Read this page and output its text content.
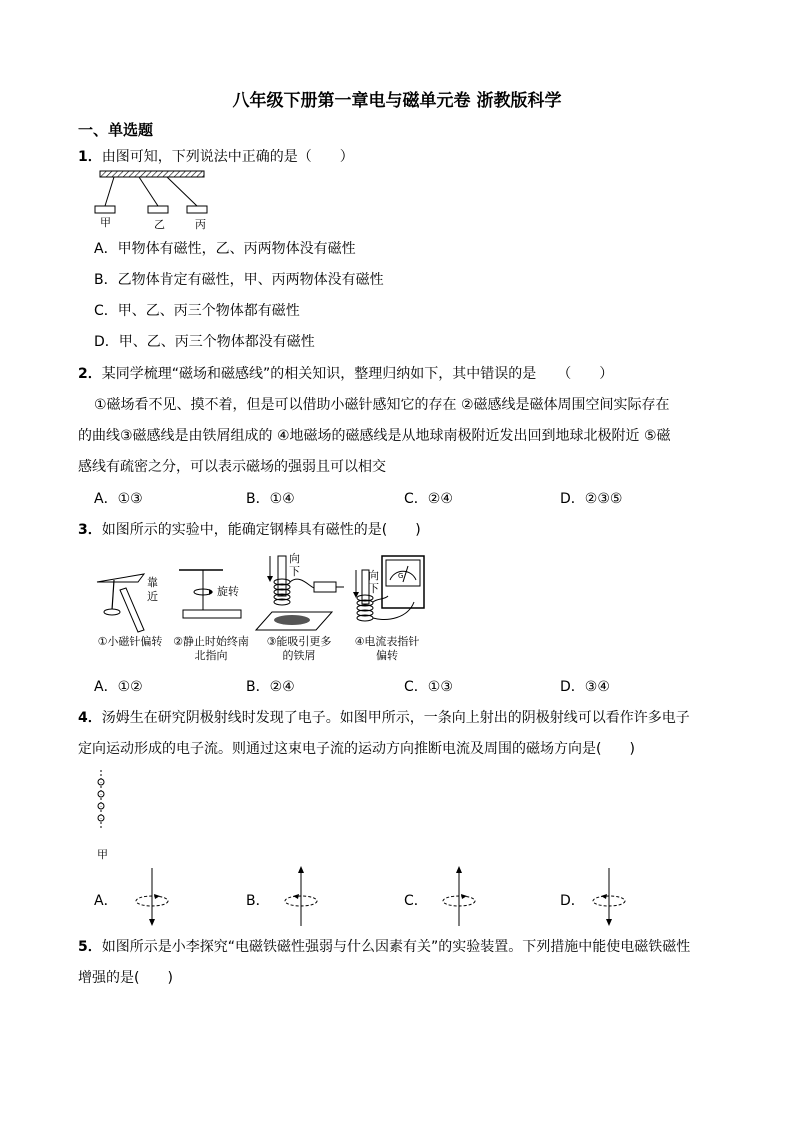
八年级下册第一章电与磁单元卷 浙教版科学
一、单选题
1．由图可知，下列说法中正确的是（　　）
甲	乙	丙
A．甲物体有磁性，乙、丙两物体没有磁性
B．乙物体肯定有磁性，甲、丙两物体没有磁性
C．甲、乙、丙三个物体都有磁性
D．甲、乙、丙三个物体都没有磁性
2．某同学梳理“磁场和磁感线”的相关知识，整理归纳如下，其中错误的是　　（　　）
①磁场看不见、摸不着，但是可以借助小磁针感知它的存在 ②磁感线是磁体周围空间实际存在
的曲线③磁感线是由铁屑组成的 ④地磁场的磁感线是从地球南极附近发出回到地球北极附近 ⑤磁
感线有疏密之分，可以表示磁场的强弱且可以相交
A．①③	B．①④	C．②④	D．②③⑤
3．如图所示的实验中，能确定钢棒具有磁性的是(　　)
靠
近	旋转
向
下	G
向
下
①小磁针偏转 ②静止时始终南北指向
③能吸引更多的铁屑
④电流表指针偏转
A．①②	B．②④	C．①③	D．③④
4．汤姆生在研究阴极射线时发现了电子。如图甲所示，一条向上射出的阴极射线可以看作许多电子
定向运动形成的电子流。则通过这束电子流的运动方向推断电流及周围的磁场方向是(　　)
-
-
-
-
甲
A．	B．	C．	D．
5．如图所示是小李探究“电磁铁磁性强弱与什么因素有关”的实验装置。下列措施中能使电磁铁磁性
增强的是(　　)
